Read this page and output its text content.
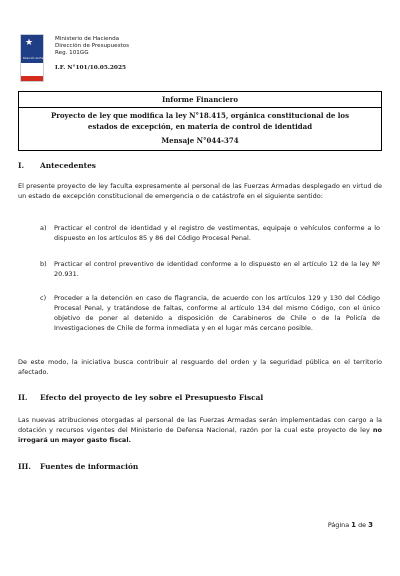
★
Dirección de Presupuestos
Ministerio de Hacienda
Dirección de Presupuestos
Reg. 101GG
I.F. N°101/10.05.2025
Informe Financiero
Proyecto de ley que modifica la ley N°18.415, orgánica constitucional de los
estados de excepción, en materia de control de identidad
Mensaje N°044-374
I. Antecedentes
El presente proyecto de ley faculta expresamente al personal de las Fuerzas Armadas desplegado en virtud de un estado de excepción constitucional de emergencia o de catástrofe en el siguiente sentido:
a) Practicar el control de identidad y el registro de vestimentas, equipaje o vehículos conforme a lo dispuesto en los artículos 85 y 86 del Código Procesal Penal.
b) Practicar el control preventivo de identidad conforme a lo dispuesto en el artículo 12 de la ley Nº 20.931.
c) Proceder a la detención en caso de flagrancia, de acuerdo con los artículos 129 y 130 del Código Procesal Penal, y tratándose de faltas, conforme al artículo 134 del mismo Código, con el único objetivo de poner al detenido a disposición de Carabineros de Chile o de la Policía de Investigaciones de Chile de forma inmediata y en el lugar más cercano posible.
De este modo, la iniciativa busca contribuir al resguardo del orden y la seguridad pública en el territorio afectado.
II. Efecto del proyecto de ley sobre el Presupuesto Fiscal
Las nuevas atribuciones otorgadas al personal de las Fuerzas Armadas serán implementadas con cargo a la dotación y recursos vigentes del Ministerio de Defensa Nacional, razón por la cual este proyecto de ley no irrogará un mayor gasto fiscal.
III. Fuentes de información
Página 1 de 3
